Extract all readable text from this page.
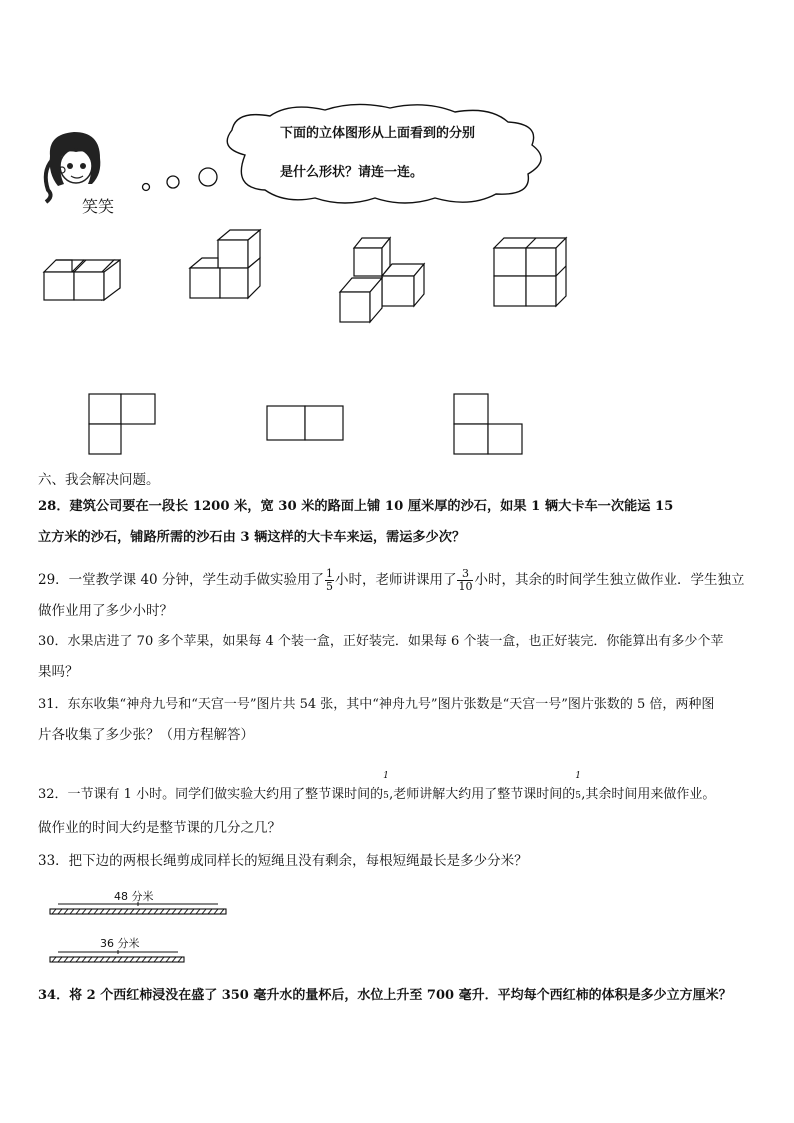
笑笑
下面的立体图形从上面看到的分别
是什么形状？请连一连。
六、我会解决问题。
28．建筑公司要在一段长 1200 米，宽 30 米的路面上铺 10 厘米厚的沙石，如果 1 辆大卡车一次能运 15
立方米的沙石，铺路所需的沙石由 3 辆这样的大卡车来运，需运多少次？
29．一堂教学课 40 分钟，学生动手做实验用了 $\frac{1}{5}$ 小时，老师讲课用了 $\frac{3}{10}$ 小时，其余的时间学生独立做作业．学生独立
做作业用了多少小时？
30．水果店进了 70 多个苹果，如果每 4 个装一盒，正好装完．如果每 6 个装一盒，也正好装完．你能算出有多少个苹
果吗？
31．东东收集“神舟九号和“天宫一号”图片共 54 张，其中“神舟九号”图片张数是“天宫一号”图片张数的 5 倍，两种图
片各收集了多少张？（用方程解答）
32．一节课有 1 小时。同学们做实验大约用了整节课时间的
1
5 ,老师讲解大约用了整节课时间的
1
5 ,其余时间用来做作业。
做作业的时间大约是整节课的几分之几？
33．把下边的两根长绳剪成同样长的短绳且没有剩余，每根短绳最长是多少分米？
48 分米
36 分米
34．将 2 个西红柿浸没在盛了 350 毫升水的量杯后，水位上升至 700 毫升．平均每个西红柿的体积是多少立方厘米？
